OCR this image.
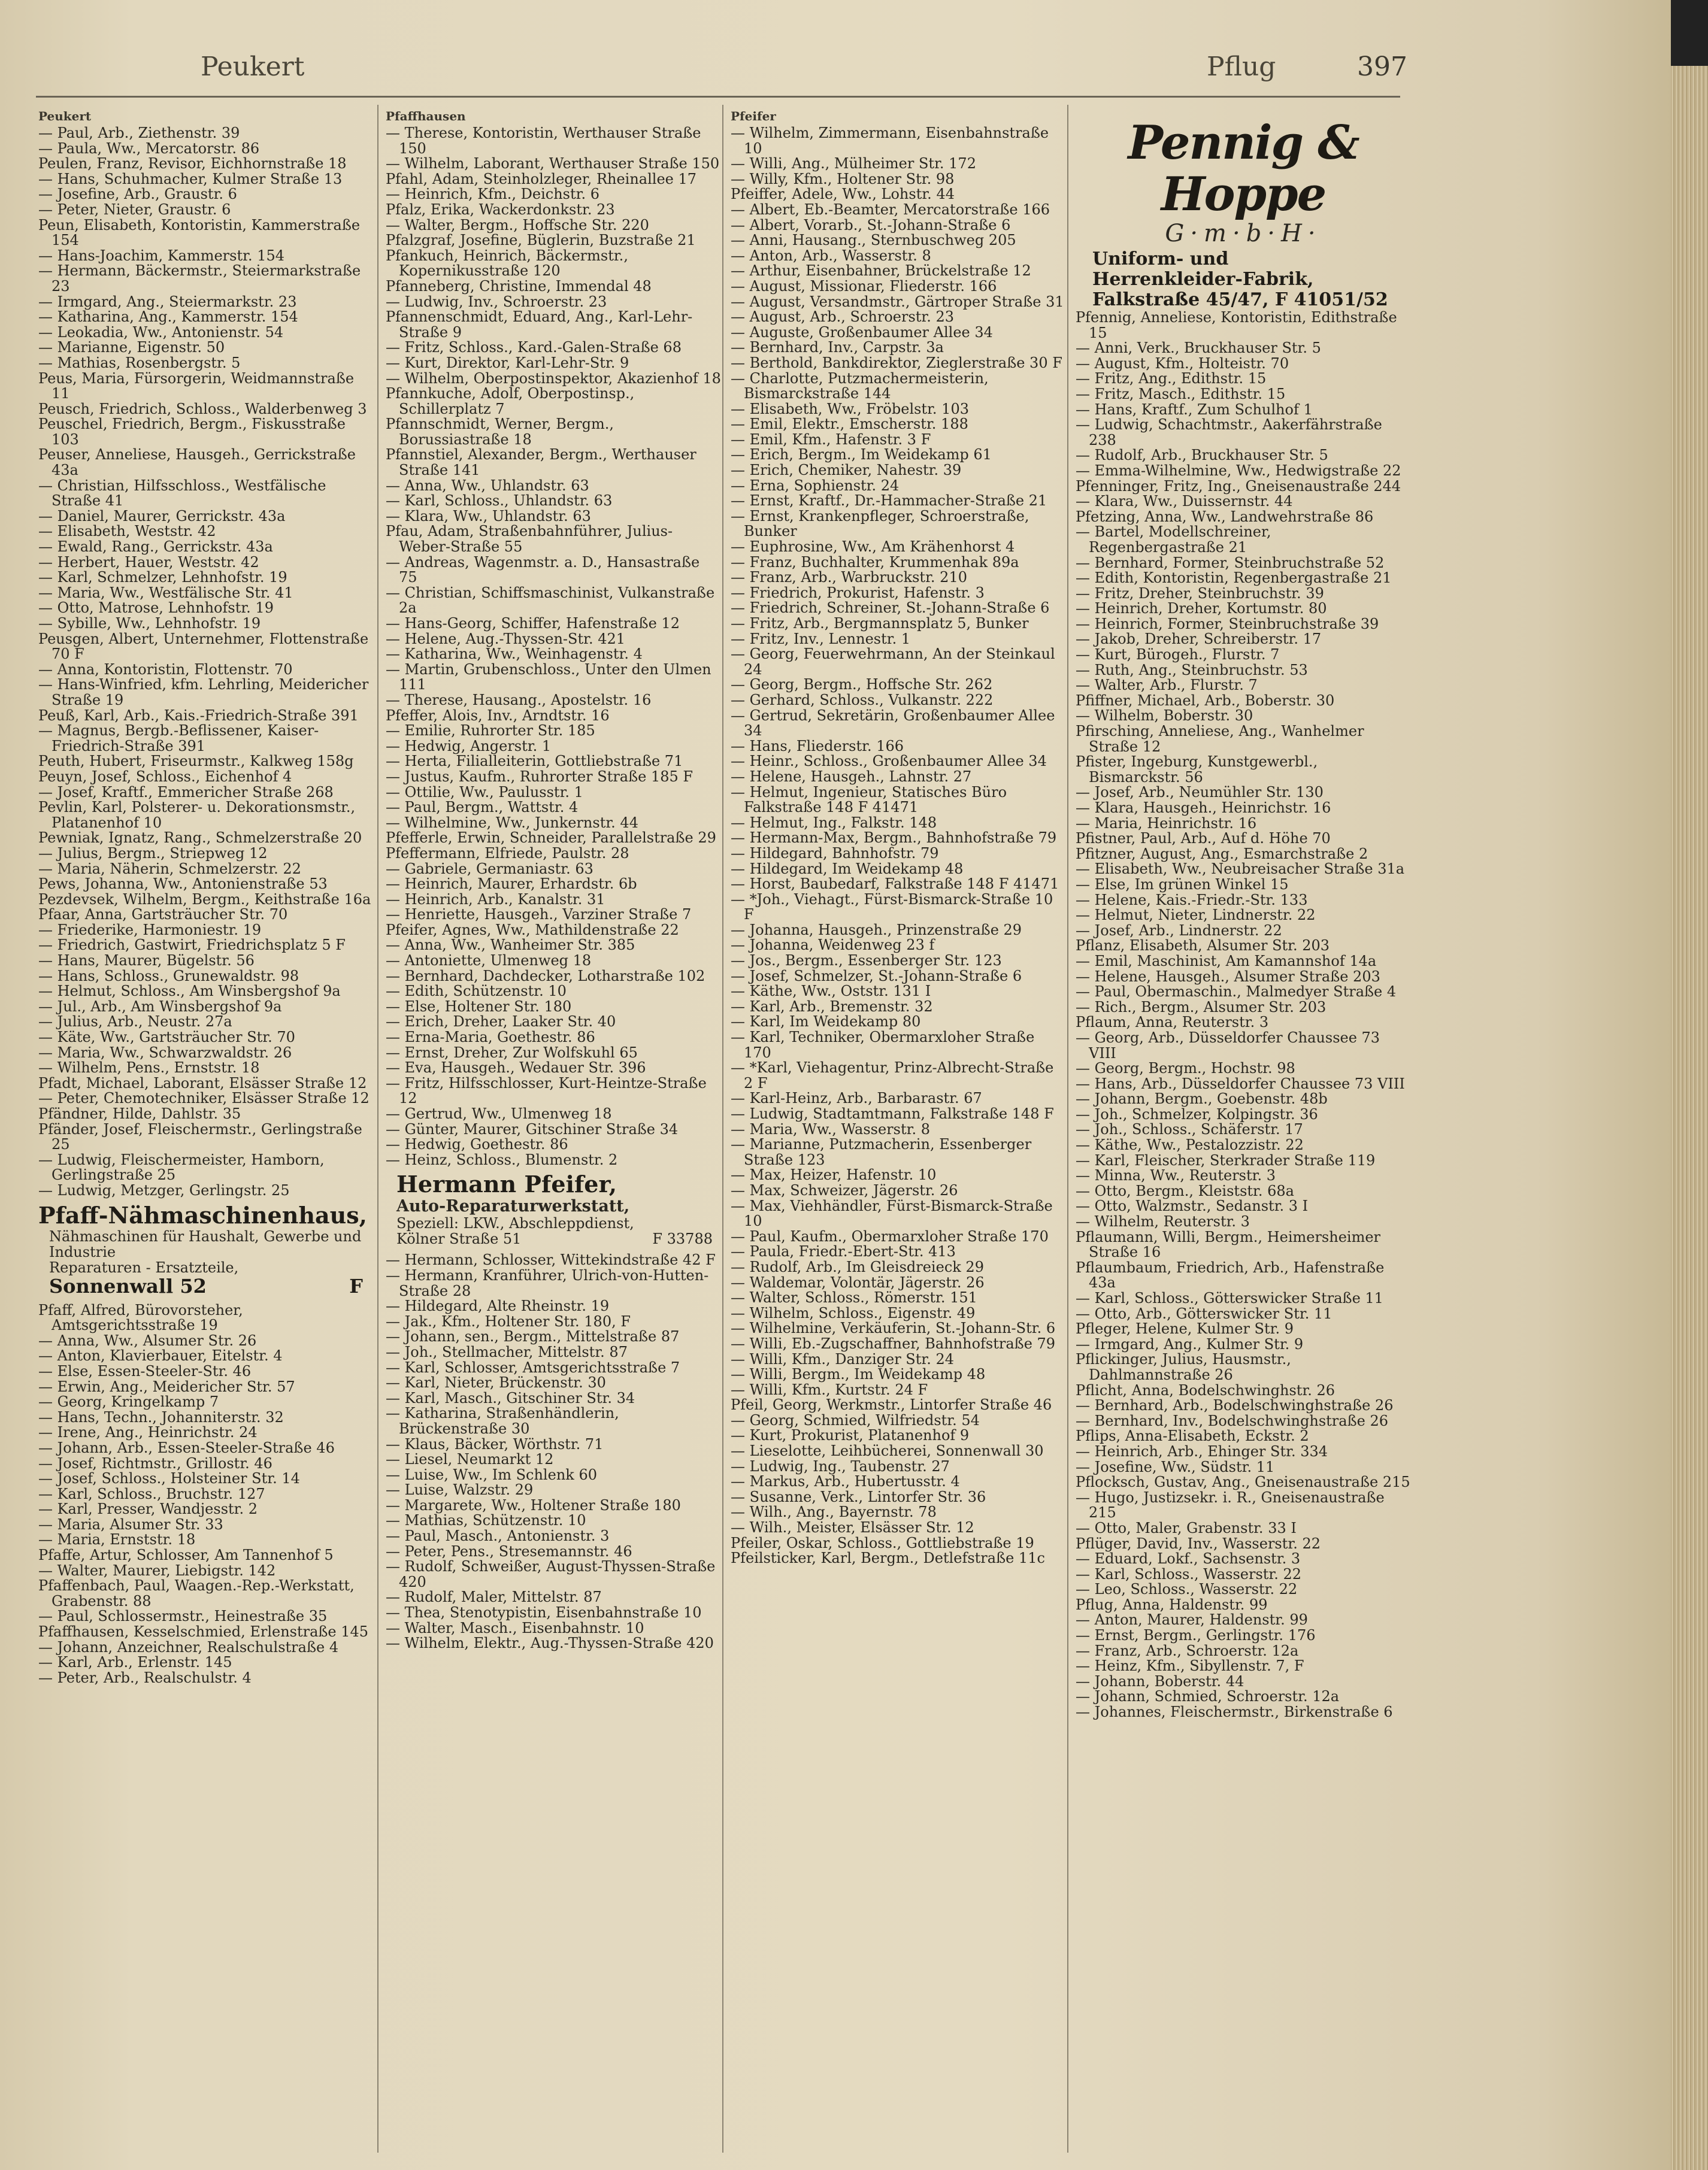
Peukert	Pflug	397
Peukert
— Paul, Arb., Ziethenstr. 39
— Paula, Ww., Mercatorstr. 86
Peulen, Franz, Revisor, Eichhornstraße 18
— Hans, Schuhmacher, Kulmer Straße 13
— Josefine, Arb., Graustr. 6
— Peter, Nieter, Graustr. 6
Peun, Elisabeth, Kontoristin, Kammerstraße 154
— Hans-Joachim, Kammerstr. 154
— Hermann, Bäckermstr., Steiermarkstraße 23
— Irmgard, Ang., Steiermarkstr. 23
— Katharina, Ang., Kammerstr. 154
— Leokadia, Ww., Antonienstr. 54
— Marianne, Eigenstr. 50
— Mathias, Rosenbergstr. 5
Peus, Maria, Fürsorgerin, Weidmannstraße 11
Peusch, Friedrich, Schloss., Walderbenweg 3
Peuschel, Friedrich, Bergm., Fiskusstraße 103
Peuser, Anneliese, Hausgeh., Gerrickstraße 43a
— Christian, Hilfsschloss., Westfälische Straße 41
— Daniel, Maurer, Gerrickstr. 43a
— Elisabeth, Weststr. 42
— Ewald, Rang., Gerrickstr. 43a
— Herbert, Hauer, Weststr. 42
— Karl, Schmelzer, Lehnhofstr. 19
— Maria, Ww., Westfälische Str. 41
— Otto, Matrose, Lehnhofstr. 19
— Sybille, Ww., Lehnhofstr. 19
Peusgen, Albert, Unternehmer, Flottenstraße 70 F
— Anna, Kontoristin, Flottenstr. 70
— Hans-Winfried, kfm. Lehrling, Meidericher Straße 19
Peuß, Karl, Arb., Kais.-Friedrich-Straße 391
— Magnus, Bergb.-Beflissener, Kaiser-Friedrich-Straße 391
Peuth, Hubert, Friseurmstr., Kalkweg 158g
Peuyn, Josef, Schloss., Eichenhof 4
— Josef, Kraftf., Emmericher Straße 268
Pevlin, Karl, Polsterer- u. Dekorationsmstr., Platanenhof 10
Pewniak, Ignatz, Rang., Schmelzerstraße 20
— Julius, Bergm., Striepweg 12
— Maria, Näherin, Schmelzerstr. 22
Pews, Johanna, Ww., Antonienstraße 53
Pezdevsek, Wilhelm, Bergm., Keithstraße 16a
Pfaar, Anna, Gartsträucher Str. 70
— Friederike, Harmoniestr. 19
— Friedrich, Gastwirt, Friedrichsplatz 5 F
— Hans, Maurer, Bügelstr. 56
— Hans, Schloss., Grunewaldstr. 98
— Helmut, Schloss., Am Winsbergshof 9a
— Jul., Arb., Am Winsbergshof 9a
— Julius, Arb., Neustr. 27a
— Käte, Ww., Gartsträucher Str. 70
— Maria, Ww., Schwarzwaldstr. 26
— Wilhelm, Pens., Ernststr. 18
Pfadt, Michael, Laborant, Elsässer Straße 12
— Peter, Chemotechniker, Elsässer Straße 12
Pfändner, Hilde, Dahlstr. 35
Pfänder, Josef, Fleischermstr., Gerlingstraße 25
— Ludwig, Fleischermeister, Hamborn, Gerlingstraße 25
— Ludwig, Metzger, Gerlingstr. 25
Pfaff-Nähmaschinenhaus,
Nähmaschinen für Haushalt, Gewerbe und Industrie
Reparaturen - Ersatzteile,
Sonnenwall 52	F
Pfaff, Alfred, Bürovorsteher, Amtsgerichtsstraße 19
— Anna, Ww., Alsumer Str. 26
— Anton, Klavierbauer, Eitelstr. 4
— Else, Essen-Steeler-Str. 46
— Erwin, Ang., Meidericher Str. 57
— Georg, Kringelkamp 7
— Hans, Techn., Johanniterstr. 32
— Irene, Ang., Heinrichstr. 24
— Johann, Arb., Essen-Steeler-Straße 46
— Josef, Richtmstr., Grillostr. 46
— Josef, Schloss., Holsteiner Str. 14
— Karl, Schloss., Bruchstr. 127
— Karl, Presser, Wandjesstr. 2
— Maria, Alsumer Str. 33
— Maria, Ernststr. 18
Pfaffe, Artur, Schlosser, Am Tannenhof 5
— Walter, Maurer, Liebigstr. 142
Pfaffenbach, Paul, Waagen.-Rep.-Werkstatt, Grabenstr. 88
— Paul, Schlossermstr., Heinestraße 35
Pfaffhausen, Kesselschmied, Erlenstraße 145
— Johann, Anzeichner, Realschulstraße 4
— Karl, Arb., Erlenstr. 145
— Peter, Arb., Realschulstr. 4
Pfaffhausen
— Therese, Kontoristin, Werthauser Straße 150
— Wilhelm, Laborant, Werthauser Straße 150
Pfahl, Adam, Steinholzleger, Rheinallee 17
— Heinrich, Kfm., Deichstr. 6
Pfalz, Erika, Wackerdonkstr. 23
— Walter, Bergm., Hoffsche Str. 220
Pfalzgraf, Josefine, Büglerin, Buzstraße 21
Pfankuch, Heinrich, Bäckermstr., Kopernikusstraße 120
Pfanneberg, Christine, Immendal 48
— Ludwig, Inv., Schroerstr. 23
Pfannenschmidt, Eduard, Ang., Karl-Lehr-Straße 9
— Fritz, Schloss., Kard.-Galen-Straße 68
— Kurt, Direktor, Karl-Lehr-Str. 9
— Wilhelm, Oberpostinspektor, Akazienhof 18
Pfannkuche, Adolf, Oberpostinsp., Schillerplatz 7
Pfannschmidt, Werner, Bergm., Borussiastraße 18
Pfannstiel, Alexander, Bergm., Werthauser Straße 141
— Anna, Ww., Uhlandstr. 63
— Karl, Schloss., Uhlandstr. 63
— Klara, Ww., Uhlandstr. 63
Pfau, Adam, Straßenbahnführer, Julius-Weber-Straße 55
— Andreas, Wagenmstr. a. D., Hansastraße 75
— Christian, Schiffsmaschinist, Vulkanstraße 2a
— Hans-Georg, Schiffer, Hafenstraße 12
— Helene, Aug.-Thyssen-Str. 421
— Katharina, Ww., Weinhagenstr. 4
— Martin, Grubenschloss., Unter den Ulmen 111
— Therese, Hausang., Apostelstr. 16
Pfeffer, Alois, Inv., Arndtstr. 16
— Emilie, Ruhrorter Str. 185
— Hedwig, Angerstr. 1
— Herta, Filialleiterin, Gottliebstraße 71
— Justus, Kaufm., Ruhrorter Straße 185 F
— Ottilie, Ww., Paulusstr. 1
— Paul, Bergm., Wattstr. 4
— Wilhelmine, Ww., Junkernstr. 44
Pfefferle, Erwin, Schneider, Parallelstraße 29
Pfeffermann, Elfriede, Paulstr. 28
— Gabriele, Germaniastr. 63
— Heinrich, Maurer, Erhardstr. 6b
— Heinrich, Arb., Kanalstr. 31
— Henriette, Hausgeh., Varziner Straße 7
Pfeifer, Agnes, Ww., Mathildenstraße 22
— Anna, Ww., Wanheimer Str. 385
— Antoniette, Ulmenweg 18
— Bernhard, Dachdecker, Lotharstraße 102
— Edith, Schützenstr. 10
— Else, Holtener Str. 180
— Erich, Dreher, Laaker Str. 40
— Erna-Maria, Goethestr. 86
— Ernst, Dreher, Zur Wolfskuhl 65
— Eva, Hausgeh., Wedauer Str. 396
— Fritz, Hilfsschlosser, Kurt-Heintze-Straße 12
— Gertrud, Ww., Ulmenweg 18
— Günter, Maurer, Gitschiner Straße 34
— Hedwig, Goethestr. 86
— Heinz, Schloss., Blumenstr. 2
Hermann Pfeifer,
Auto-Reparaturwerkstatt,
Speziell: LKW., Abschleppdienst,
Kölner Straße 51	F 33788
— Hermann, Schlosser, Wittekindstraße 42 F
— Hermann, Kranführer, Ulrich-von-Hutten-Straße 28
— Hildegard, Alte Rheinstr. 19
— Jak., Kfm., Holtener Str. 180, F
— Johann, sen., Bergm., Mittelstraße 87
— Joh., Stellmacher, Mittelstr. 87
— Karl, Schlosser, Amtsgerichtsstraße 7
— Karl, Nieter, Brückenstr. 30
— Karl, Masch., Gitschiner Str. 34
— Katharina, Straßenhändlerin, Brückenstraße 30
— Klaus, Bäcker, Wörthstr. 71
— Liesel, Neumarkt 12
— Luise, Ww., Im Schlenk 60
— Luise, Walzstr. 29
— Margarete, Ww., Holtener Straße 180
— Mathias, Schützenstr. 10
— Paul, Masch., Antonienstr. 3
— Peter, Pens., Stresemannstr. 46
— Rudolf, Schweißer, August-Thyssen-Straße 420
— Rudolf, Maler, Mittelstr. 87
— Thea, Stenotypistin, Eisenbahnstraße 10
— Walter, Masch., Eisenbahnstr. 10
— Wilhelm, Elektr., Aug.-Thyssen-Straße 420
Pfeifer
— Wilhelm, Zimmermann, Eisenbahnstraße 10
— Willi, Ang., Mülheimer Str. 172
— Willy, Kfm., Holtener Str. 98
Pfeiffer, Adele, Ww., Lohstr. 44
— Albert, Eb.-Beamter, Mercatorstraße 166
— Albert, Vorarb., St.-Johann-Straße 6
— Anni, Hausang., Sternbuschweg 205
— Anton, Arb., Wasserstr. 8
— Arthur, Eisenbahner, Brückelstraße 12
— August, Missionar, Fliederstr. 166
— August, Versandmstr., Gärtroper Straße 31
— August, Arb., Schroerstr. 23
— Auguste, Großenbaumer Allee 34
— Bernhard, Inv., Carpstr. 3a
— Berthold, Bankdirektor, Zieglerstraße 30 F
— Charlotte, Putzmachermeisterin, Bismarckstraße 144
— Elisabeth, Ww., Fröbelstr. 103
— Emil, Elektr., Emscherstr. 188
— Emil, Kfm., Hafenstr. 3 F
— Erich, Bergm., Im Weidekamp 61
— Erich, Chemiker, Nahestr. 39
— Erna, Sophienstr. 24
— Ernst, Kraftf., Dr.-Hammacher-Straße 21
— Ernst, Krankenpfleger, Schroerstraße, Bunker
— Euphrosine, Ww., Am Krähenhorst 4
— Franz, Buchhalter, Krummenhak 89a
— Franz, Arb., Warbruckstr. 210
— Friedrich, Prokurist, Hafenstr. 3
— Friedrich, Schreiner, St.-Johann-Straße 6
— Fritz, Arb., Bergmannsplatz 5, Bunker
— Fritz, Inv., Lennestr. 1
— Georg, Feuerwehrmann, An der Steinkaul 24
— Georg, Bergm., Hoffsche Str. 262
— Gerhard, Schloss., Vulkanstr. 222
— Gertrud, Sekretärin, Großenbaumer Allee 34
— Hans, Fliederstr. 166
— Heinr., Schloss., Großenbaumer Allee 34
— Helene, Hausgeh., Lahnstr. 27
— Helmut, Ingenieur, Statisches Büro Falkstraße 148 F 41471
— Helmut, Ing., Falkstr. 148
— Hermann-Max, Bergm., Bahnhofstraße 79
— Hildegard, Bahnhofstr. 79
— Hildegard, Im Weidekamp 48
— Horst, Baubedarf, Falkstraße 148 F 41471
— *Joh., Viehagt., Fürst-Bismarck-Straße 10 F
— Johanna, Hausgeh., Prinzenstraße 29
— Johanna, Weidenweg 23 f
— Jos., Bergm., Essenberger Str. 123
— Josef, Schmelzer, St.-Johann-Straße 6
— Käthe, Ww., Oststr. 131 I
— Karl, Arb., Bremenstr. 32
— Karl, Im Weidekamp 80
— Karl, Techniker, Obermarxloher Straße 170
— *Karl, Viehagentur, Prinz-Albrecht-Straße 2 F
— Karl-Heinz, Arb., Barbarastr. 67
— Ludwig, Stadtamtmann, Falkstraße 148 F
— Maria, Ww., Wasserstr. 8
— Marianne, Putzmacherin, Essenberger Straße 123
— Max, Heizer, Hafenstr. 10
— Max, Schweizer, Jägerstr. 26
— Max, Viehhändler, Fürst-Bismarck-Straße 10
— Paul, Kaufm., Obermarxloher Straße 170
— Paula, Friedr.-Ebert-Str. 413
— Rudolf, Arb., Im Gleisdreieck 29
— Waldemar, Volontär, Jägerstr. 26
— Walter, Schloss., Römerstr. 151
— Wilhelm, Schloss., Eigenstr. 49
— Wilhelmine, Verkäuferin, St.-Johann-Str. 6
— Willi, Eb.-Zugschaffner, Bahnhofstraße 79
— Willi, Kfm., Danziger Str. 24
— Willi, Bergm., Im Weidekamp 48
— Willi, Kfm., Kurtstr. 24 F
Pfeil, Georg, Werkmstr., Lintorfer Straße 46
— Georg, Schmied, Wilfriedstr. 54
— Kurt, Prokurist, Platanenhof 9
— Lieselotte, Leihbücherei, Sonnenwall 30
— Ludwig, Ing., Taubenstr. 27
— Markus, Arb., Hubertusstr. 4
— Susanne, Verk., Lintorfer Str. 36
— Wilh., Ang., Bayernstr. 78
— Wilh., Meister, Elsässer Str. 12
Pfeiler, Oskar, Schloss., Gottliebstraße 19
Pfeilsticker, Karl, Bergm., Detlefstraße 11c
Pennig & Hoppe
G·m·b·H·
Uniform- und
Herrenkleider-Fabrik,
Falkstraße 45/47, F 41051/52
Pfennig, Anneliese, Kontoristin, Edithstraße 15
— Anni, Verk., Bruckhauser Str. 5
— August, Kfm., Holteistr. 70
— Fritz, Ang., Edithstr. 15
— Fritz, Masch., Edithstr. 15
— Hans, Kraftf., Zum Schulhof 1
— Ludwig, Schachtmstr., Aakerfährstraße 238
— Rudolf, Arb., Bruckhauser Str. 5
— Emma-Wilhelmine, Ww., Hedwigstraße 22
Pfenninger, Fritz, Ing., Gneisenaustraße 244
— Klara, Ww., Duissernstr. 44
Pfetzing, Anna, Ww., Landwehrstraße 86
— Bartel, Modellschreiner, Regenbergastraße 21
— Bernhard, Former, Steinbruchstraße 52
— Edith, Kontoristin, Regenbergastraße 21
— Fritz, Dreher, Steinbruchstr. 39
— Heinrich, Dreher, Kortumstr. 80
— Heinrich, Former, Steinbruchstraße 39
— Jakob, Dreher, Schreiberstr. 17
— Kurt, Bürogeh., Flurstr. 7
— Ruth, Ang., Steinbruchstr. 53
— Walter, Arb., Flurstr. 7
Pfiffner, Michael, Arb., Boberstr. 30
— Wilhelm, Boberstr. 30
Pfirsching, Anneliese, Ang., Wanhelmer Straße 12
Pfister, Ingeburg, Kunstgewerbl., Bismarckstr. 56
— Josef, Arb., Neumühler Str. 130
— Klara, Hausgeh., Heinrichstr. 16
— Maria, Heinrichstr. 16
Pfistner, Paul, Arb., Auf d. Höhe 70
Pfitzner, August, Ang., Esmarchstraße 2
— Elisabeth, Ww., Neubreisacher Straße 31a
— Else, Im grünen Winkel 15
— Helene, Kais.-Friedr.-Str. 133
— Helmut, Nieter, Lindnerstr. 22
— Josef, Arb., Lindnerstr. 22
Pflanz, Elisabeth, Alsumer Str. 203
— Emil, Maschinist, Am Kamannshof 14a
— Helene, Hausgeh., Alsumer Straße 203
— Paul, Obermaschin., Malmedyer Straße 4
— Rich., Bergm., Alsumer Str. 203
Pflaum, Anna, Reuterstr. 3
— Georg, Arb., Düsseldorfer Chaussee 73 VIII
— Georg, Bergm., Hochstr. 98
— Hans, Arb., Düsseldorfer Chaussee 73 VIII
— Johann, Bergm., Goebenstr. 48b
— Joh., Schmelzer, Kolpingstr. 36
— Joh., Schloss., Schäferstr. 17
— Käthe, Ww., Pestalozzistr. 22
— Karl, Fleischer, Sterkrader Straße 119
— Minna, Ww., Reuterstr. 3
— Otto, Bergm., Kleiststr. 68a
— Otto, Walzmstr., Sedanstr. 3 I
— Wilhelm, Reuterstr. 3
Pflaumann, Willi, Bergm., Heimersheimer Straße 16
Pflaumbaum, Friedrich, Arb., Hafenstraße 43a
— Karl, Schloss., Götterswicker Straße 11
— Otto, Arb., Götterswicker Str. 11
Pfleger, Helene, Kulmer Str. 9
— Irmgard, Ang., Kulmer Str. 9
Pflickinger, Julius, Hausmstr., Dahlmannstraße 26
Pflicht, Anna, Bodelschwinghstr. 26
— Bernhard, Arb., Bodelschwinghstraße 26
— Bernhard, Inv., Bodelschwinghstraße 26
Pflips, Anna-Elisabeth, Eckstr. 2
— Heinrich, Arb., Ehinger Str. 334
— Josefine, Ww., Südstr. 11
Pflocksch, Gustav, Ang., Gneisenaustraße 215
— Hugo, Justizsekr. i. R., Gneisenaustraße 215
— Otto, Maler, Grabenstr. 33 I
Pflüger, David, Inv., Wasserstr. 22
— Eduard, Lokf., Sachsenstr. 3
— Karl, Schloss., Wasserstr. 22
— Leo, Schloss., Wasserstr. 22
Pflug, Anna, Haldenstr. 99
— Anton, Maurer, Haldenstr. 99
— Ernst, Bergm., Gerlingstr. 176
— Franz, Arb., Schroerstr. 12a
— Heinz, Kfm., Sibyllenstr. 7, F
— Johann, Boberstr. 44
— Johann, Schmied, Schroerstr. 12a
— Johannes, Fleischermstr., Birkenstraße 6
